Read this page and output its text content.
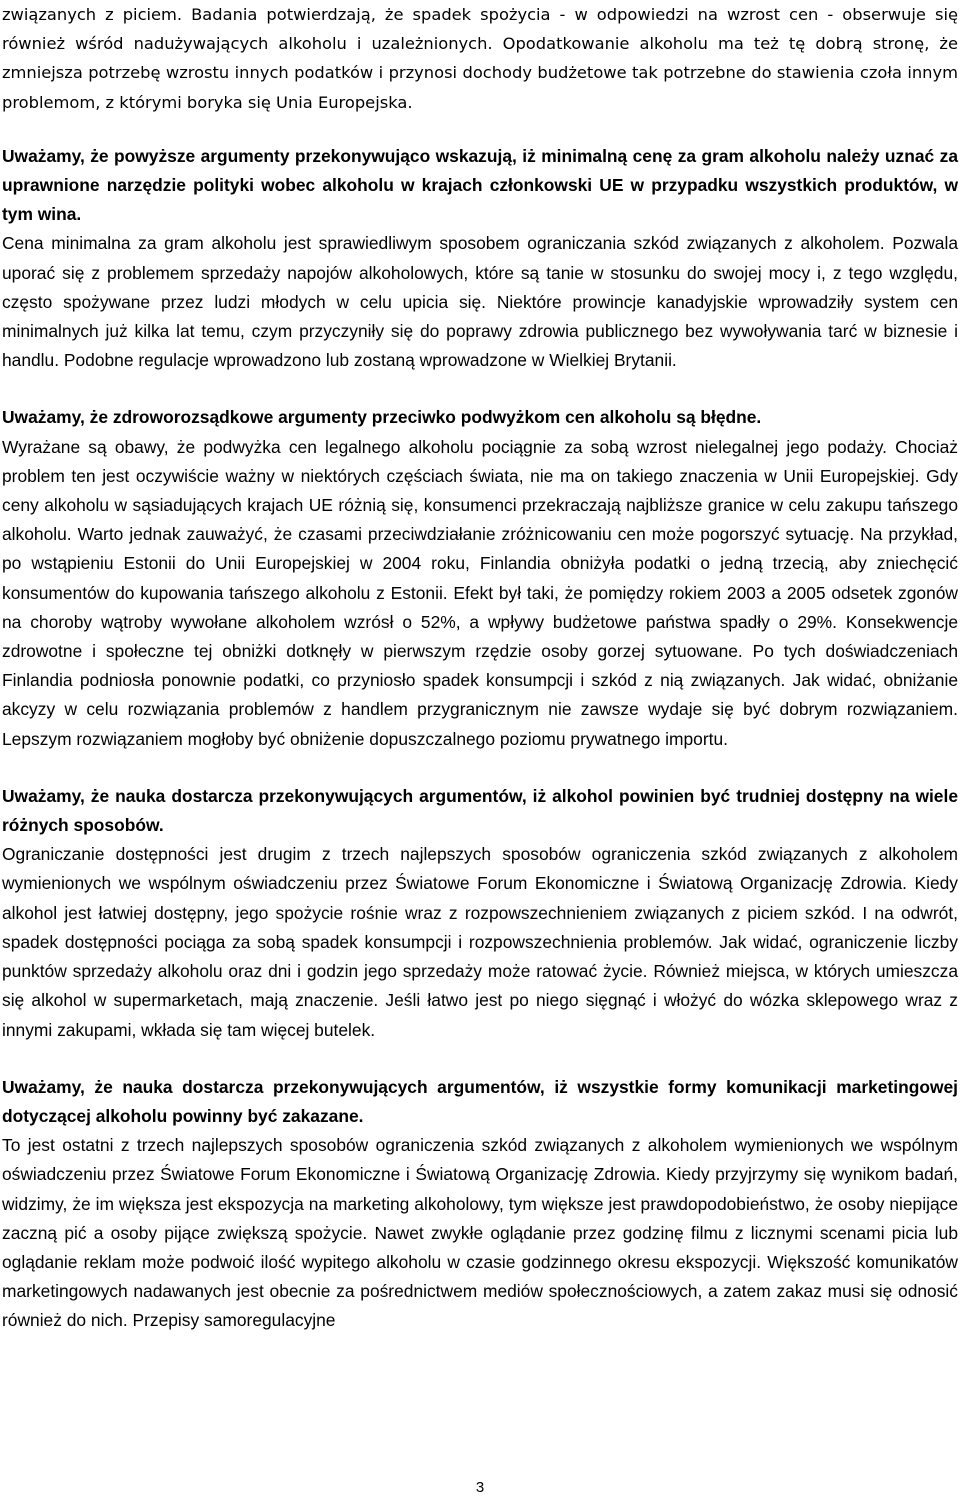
związanych z piciem. Badania potwierdzają, że spadek spożycia - w odpowiedzi na wzrost cen - obserwuje się również wśród nadużywających alkoholu i uzależnionych. Opodatkowanie alkoholu ma też tę dobrą stronę, że zmniejsza potrzebę wzrostu innych podatków i przynosi dochody budżetowe tak potrzebne do stawienia czoła innym problemom, z którymi boryka się Unia Europejska.

Uważamy, że powyższe argumenty przekonywująco wskazują, iż minimalną cenę za gram alkoholu należy uznać za uprawnione narzędzie polityki wobec alkoholu w krajach członkowski UE w przypadku wszystkich produktów, w tym wina.

Cena minimalna za gram alkoholu jest sprawiedliwym sposobem ograniczania szkód związanych z alkoholem. Pozwala uporać się z problemem sprzedaży napojów alkoholowych, które są tanie w stosunku do swojej mocy i, z tego względu, często spożywane przez ludzi młodych w celu upicia się. Niektóre prowincje kanadyjskie wprowadziły system cen minimalnych już kilka lat temu, czym przyczyniły się do poprawy zdrowia publicznego bez wywoływania tarć w biznesie i handlu. Podobne regulacje wprowadzono lub zostaną wprowadzone w Wielkiej Brytanii.

Uważamy, że zdroworozsądkowe argumenty przeciwko podwyżkom cen alkoholu są błędne.

Wyrażane są obawy, że podwyżka cen legalnego alkoholu pociągnie za sobą wzrost nielegalnej jego podaży. Chociaż problem ten jest oczywiście ważny w niektórych częściach świata, nie ma on takiego znaczenia w Unii Europejskiej. Gdy ceny alkoholu w sąsiadujących krajach UE różnią się, konsumenci przekraczają najbliższe granice w celu zakupu tańszego alkoholu. Warto jednak zauważyć, że czasami przeciwdziałanie zróżnicowaniu cen może pogorszyć sytuację. Na przykład, po wstąpieniu Estonii do Unii Europejskiej w 2004 roku, Finlandia obniżyła podatki o jedną trzecią, aby zniechęcić konsumentów do kupowania tańszego alkoholu z Estonii. Efekt był taki, że pomiędzy rokiem 2003 a 2005 odsetek zgonów na choroby wątroby wywołane alkoholem wzrósł o 52%, a wpływy budżetowe państwa spadły o 29%. Konsekwencje zdrowotne i społeczne tej obniżki dotknęły w pierwszym rzędzie osoby gorzej sytuowane. Po tych doświadczeniach Finlandia podniosła ponownie podatki, co przyniosło spadek konsumpcji i szkód z nią związanych. Jak widać, obniżanie akcyzy w celu rozwiązania problemów z handlem przygranicznym nie zawsze wydaje się być dobrym rozwiązaniem. Lepszym rozwiązaniem mogłoby być obniżenie dopuszczalnego poziomu prywatnego importu.

Uważamy, że nauka dostarcza przekonywujących argumentów, iż alkohol powinien być trudniej dostępny na wiele różnych sposobów.

Ograniczanie dostępności jest drugim z trzech najlepszych sposobów ograniczenia szkód związanych z alkoholem wymienionych we wspólnym oświadczeniu przez Światowe Forum Ekonomiczne i Światową Organizację Zdrowia. Kiedy alkohol jest łatwiej dostępny, jego spożycie rośnie wraz z rozpowszechnieniem związanych z piciem szkód. I na odwrót, spadek dostępności pociąga za sobą spadek konsumpcji i rozpowszechnienia problemów. Jak widać, ograniczenie liczby punktów sprzedaży alkoholu oraz dni i godzin jego sprzedaży może ratować życie. Również miejsca, w których umieszcza się alkohol w supermarketach, mają znaczenie. Jeśli łatwo jest po niego sięgnąć i włożyć do wózka sklepowego wraz z innymi zakupami, wkłada się tam więcej butelek.

Uważamy, że nauka dostarcza przekonywujących argumentów, iż wszystkie formy komunikacji marketingowej dotyczącej alkoholu powinny być zakazane.

To jest ostatni z trzech najlepszych sposobów ograniczenia szkód związanych z alkoholem wymienionych we wspólnym oświadczeniu przez Światowe Forum Ekonomiczne i Światową Organizację Zdrowia. Kiedy przyjrzymy się wynikom badań, widzimy, że im większa jest ekspozycja na marketing alkoholowy, tym większe jest prawdopodobieństwo, że osoby niepijące zaczną pić a osoby pijące zwiększą spożycie. Nawet zwykłe oglądanie przez godzinę filmu z licznymi scenami picia lub oglądanie reklam może podwoić ilość wypitego alkoholu w czasie godzinnego okresu ekspozycji. Większość komunikatów marketingowych nadawanych jest obecnie za pośrednictwem mediów społecznościowych, a zatem zakaz musi się odnosić również do nich. Przepisy samoregulacyjne

3
